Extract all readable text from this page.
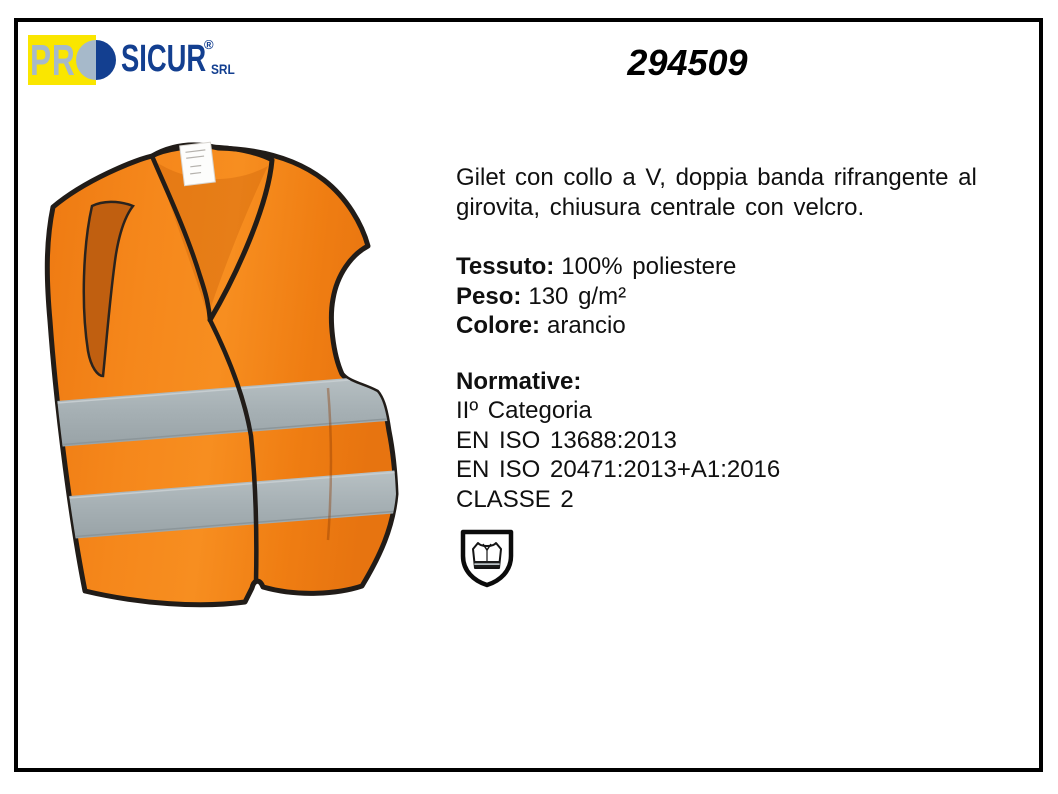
PR SICUR
®
SRL	294509
Gilet con collo a V, doppia banda rifrangente al
girovita, chiusura centrale con velcro.
Tessuto: 100% poliestere
Peso: 130 g/m²
Colore: arancio
Normative:
IIº Categoria
EN ISO 13688:2013
EN ISO 20471:2013+A1:2016
CLASSE 2
